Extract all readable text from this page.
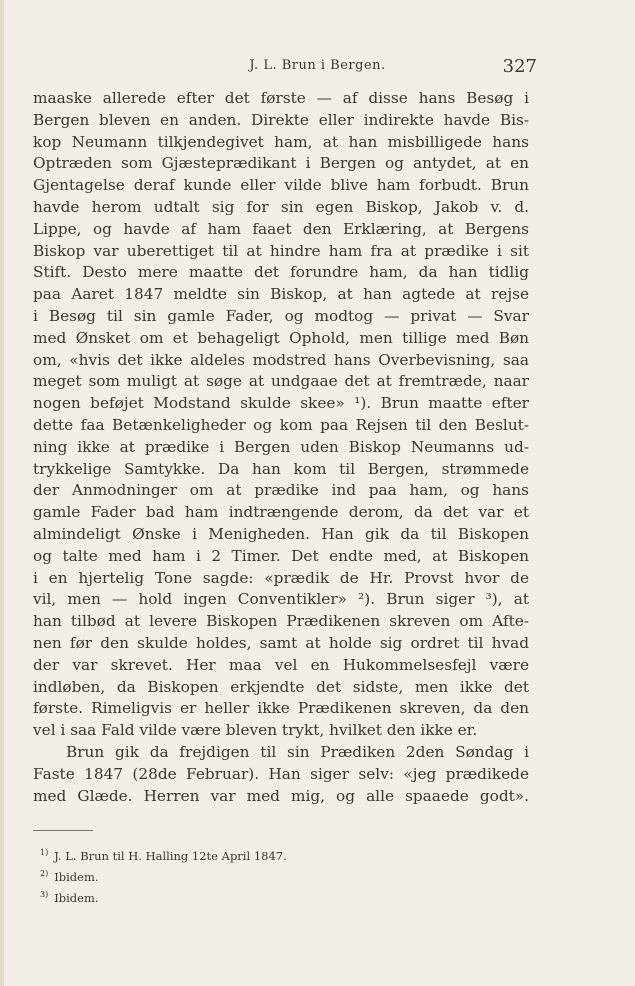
J. L. Brun i Bergen.	327
maaske allerede efter det første — af disse hans Besøg i
Bergen bleven en anden. Direkte eller indirekte havde Bis-
kop Neumann tilkjendegivet ham, at han misbilligede hans
Optræden som Gjæsteprædikant i Bergen og antydet, at en
Gjentagelse deraf kunde eller vilde blive ham forbudt. Brun
havde herom udtalt sig for sin egen Biskop, Jakob v. d.
Lippe, og havde af ham faaet den Erklæring, at Bergens
Biskop var uberettiget til at hindre ham fra at prædike i sit
Stift. Desto mere maatte det forundre ham, da han tidlig
paa Aaret 1847 meldte sin Biskop, at han agtede at rejse
i Besøg til sin gamle Fader, og modtog — privat — Svar
med Ønsket om et behageligt Ophold, men tillige med Bøn
om, «hvis det ikke aldeles modstred hans Overbevisning, saa
meget som muligt at søge at undgaae det at fremtræde, naar
nogen beføjet Modstand skulde skee» ¹). Brun maatte efter
dette faa Betænkeligheder og kom paa Rejsen til den Beslut-
ning ikke at prædike i Bergen uden Biskop Neumanns ud-
trykkelige Samtykke. Da han kom til Bergen, strømmede
der Anmodninger om at prædike ind paa ham, og hans
gamle Fader bad ham indtrængende derom, da det var et
almindeligt Ønske i Menigheden. Han gik da til Biskopen
og talte med ham i 2 Timer. Det endte med, at Biskopen
i en hjertelig Tone sagde: «prædik de Hr. Provst hvor de
vil, men — hold ingen Conventikler» ²). Brun siger ³), at
han tilbød at levere Biskopen Prædikenen skreven om Afte-
nen før den skulde holdes, samt at holde sig ordret til hvad
der var skrevet. Her maa vel en Hukommelsesfejl være
indløben, da Biskopen erkjendte det sidste, men ikke det
første. Rimeligvis er heller ikke Prædikenen skreven, da den
vel i saa Fald vilde være bleven trykt, hvilket den ikke er.
Brun gik da frejdigen til sin Prædiken 2den Søndag i
Faste 1847 (28de Februar). Han siger selv: «jeg prædikede
med Glæde. Herren var med mig, og alle spaaede godt».
$^{1)}$ J. L. Brun til H. Halling 12te April 1847.
$^{2)}$ Ibidem.
$^{3)}$ Ibidem.
